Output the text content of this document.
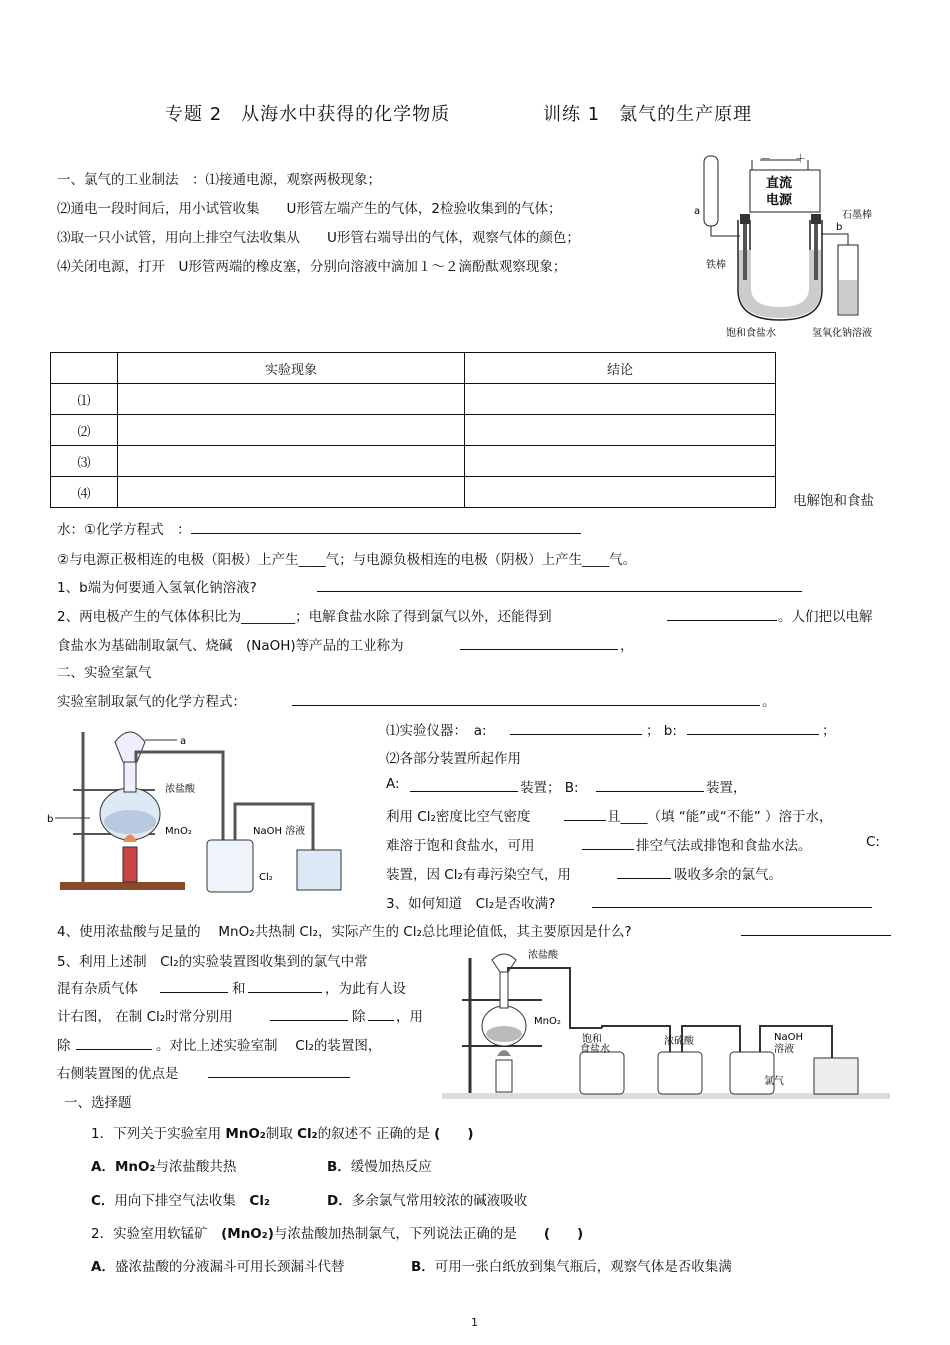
专题 2　从海水中获得的化学物质	训练 1　氯气的生产原理
一、氯气的工业制法　：⑴接通电源，观察两极现象；
⑵通电一段时间后，用小试管收集　　U形管左端产生的气体，2检验收集到的气体；
⑶取一只小试管，用向上排空气法收集从　　U形管右端导出的气体，观察气体的颜色；
⑷关闭电源，打开　U形管两端的橡皮塞，分别向溶液中滴加１～２滴酚酞观察现象；
－ ＋
直流
电源
a
b
石墨棒
铁棒
饱和食盐水	氢氧化钠溶液
	实验现象	结论
⑴		
⑵		
⑶		
⑷			电解饱和食盐
水：①化学方程式　：
②与电源正极相连的电极（阳极）上产生____气；与电源负极相连的电极（阴极）上产生____气。
1、b端为何要通入氢氧化钠溶液?
2、两电极产生的气体体积比为________；电解食盐水除了得到氯气以外，还能得到	。人们把以电解
食盐水为基础制取氯气、烧碱　(NaOH)等产品的工业称为	，
二、实验室氯气
实验室制取氯气的化学方程式：	。
a
b
浓盐酸
MnO₂	NaOH 溶液
Cl₂
⑴实验仪器：　a:	； b:	；
⑵各部分装置所起作用
A:	装置； B:	装置，
利用 Cl₂密度比空气密度	且____（填 “能”或“不能” ）溶于水，
难溶于饱和食盐水，可用	排空气法或排饱和食盐水法。	C:
装置，因 Cl₂有毒污染空气，用	吸收多余的氯气。
3、如何知道　Cl₂是否收满?
4、使用浓盐酸与足量的　 MnO₂共热制 Cl₂，实际产生的 Cl₂总比理论值低，其主要原因是什么?
5、利用上述制　Cl₂的实验装置图收集到的氯气中常
混有杂质气体	和	，为此有人设
计右图， 在制 Cl₂时常分别用	除 ，用
除	。对比上述实验室制　 Cl₂的装置图，
右侧装置图的优点是
浓盐酸
MnO₂
饱和
食盐水
浓硫酸
氯气
NaOH
溶液
一、选择题
1．下列关于实验室用 MnO₂制取 Cl₂的叙述不 正确的是 (　　)
A．MnO₂与浓盐酸共热	B．缓慢加热反应
C．用向下排空气法收集　 Cl₂	D．多余氯气常用较浓的碱液吸收
2．实验室用软锰矿　(MnO₂)与浓盐酸加热制氯气，下列说法正确的是　　 (　　)
A．盛浓盐酸的分液漏斗可用长颈漏斗代替	B．可用一张白纸放到集气瓶后，观察气体是否收集满
1
